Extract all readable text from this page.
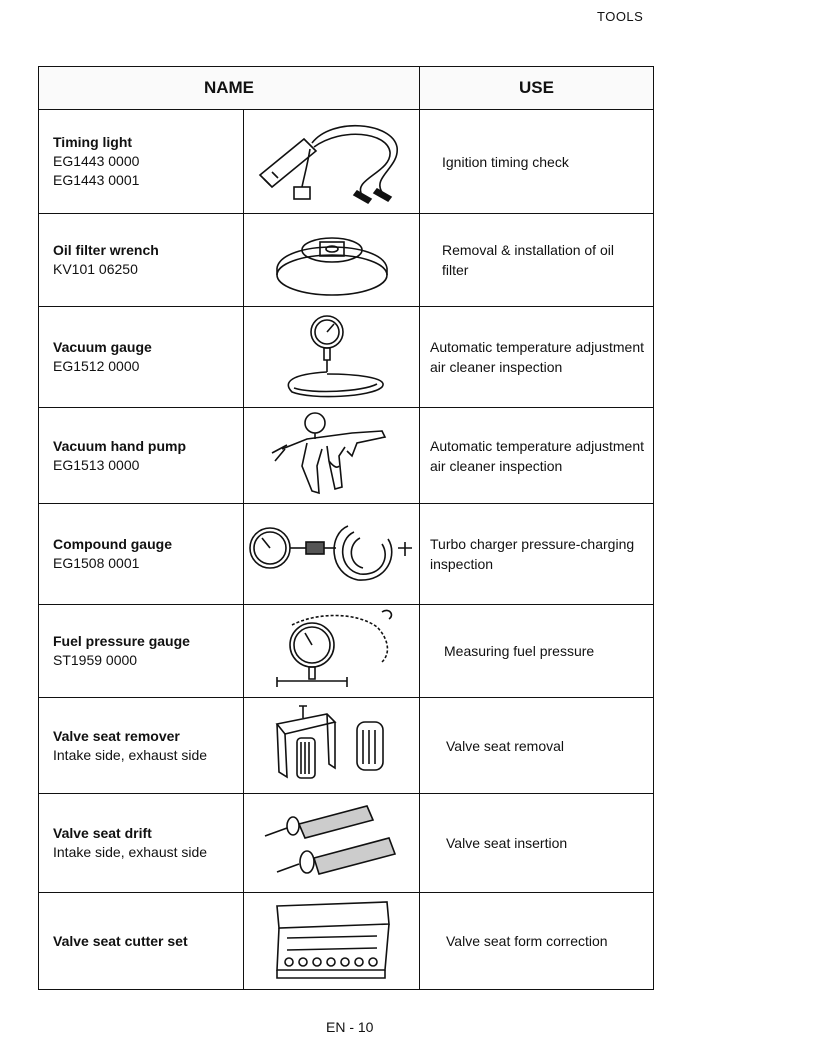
TOOLS
NAME	USE
Timing light
EG1443 0000
EG1443 0001
Ignition timing check
Oil filter wrench
KV101 06250
Removal & installation of oil filter
Vacuum gauge
EG1512 0000
Automatic temperature adjustment air cleaner inspection
Vacuum hand pump
EG1513 0000
Automatic temperature adjustment air cleaner inspection
Compound gauge
EG1508 0001
Turbo charger pressure-charging inspection
Fuel pressure gauge
ST1959 0000
Measuring fuel pressure
Valve seat remover
Intake side, exhaust side
Valve seat removal
Valve seat drift
Intake side, exhaust side
Valve seat insertion
Valve seat cutter set	Valve seat form correction
EN - 10
